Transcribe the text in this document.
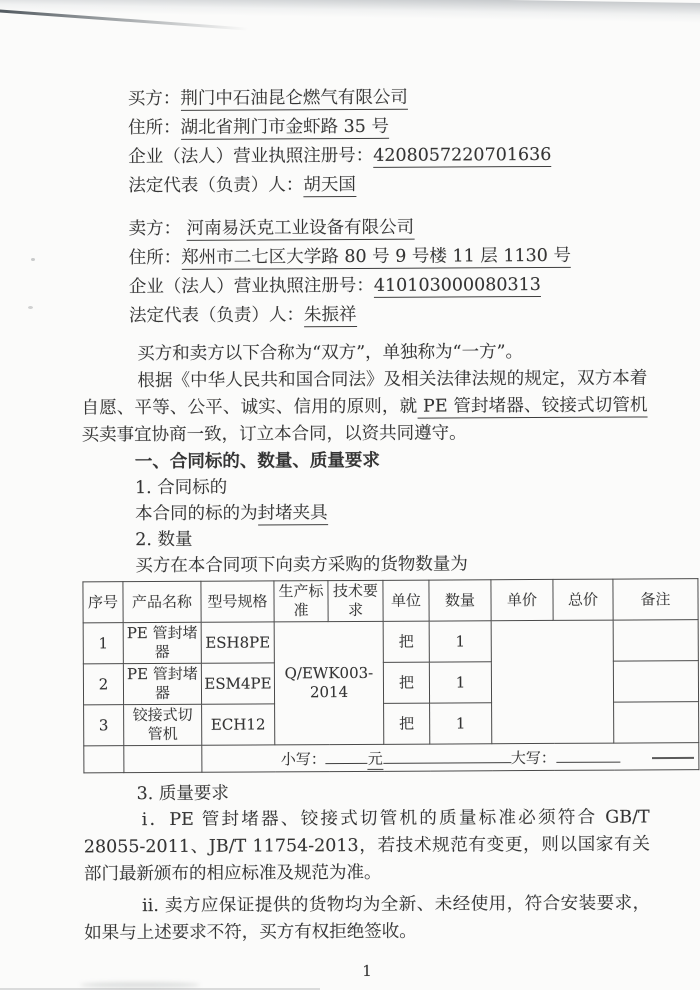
买方：荆门中石油昆仑燃气有限公司
住所：湖北省荆门市金虾路 35 号
企业（法人）营业执照注册号：4208057220701636
法定代表（负责）人：胡天国
卖方： 河南易沃克工业设备有限公司
住所：郑州市二七区大学路 80 号 9 号楼 11 层 1130 号
企业（法人）营业执照注册号：410103000080313
法定代表（负责）人：朱振祥

买方和卖方以下合称为“双方”，单独称为“一方”。

根据《中华人民共和国合同法》及相关法律法规的规定，双方本着自愿、平等、公平、诚实、信用的原则，就 PE 管封堵器、铰接式切管机买卖事宜协商一致，订立本合同，以资共同遵守。

一、合同标的、数量、质量要求
1. 合同标的
本合同的标的为封堵夹具
2. 数量
买方在本合同项下向卖方采购的货物数量为
序号	产品名称	型号规格	生产标准	技术要求	单位	数量	单价	总价	备注
1	PE 管封堵器	ESH8PE	Q/EWK003-2014		把	1			
2	PE 管封堵器	ESM4PE			把	1			
3	铰接式切管机	ECH12			把	1			
		小写： 元 大写：							
3. 质量要求

i．PE 管封堵器、铰接式切管机的质量标准必须符合 GB/T 28055-2011、JB/T 11754-2013，若技术规范有变更，则以国家有关部门最新颁布的相应标准及规范为准。

ii. 卖方应保证提供的货物均为全新、未经使用，符合安装要求，如果与上述要求不符，买方有权拒绝签收。

1
